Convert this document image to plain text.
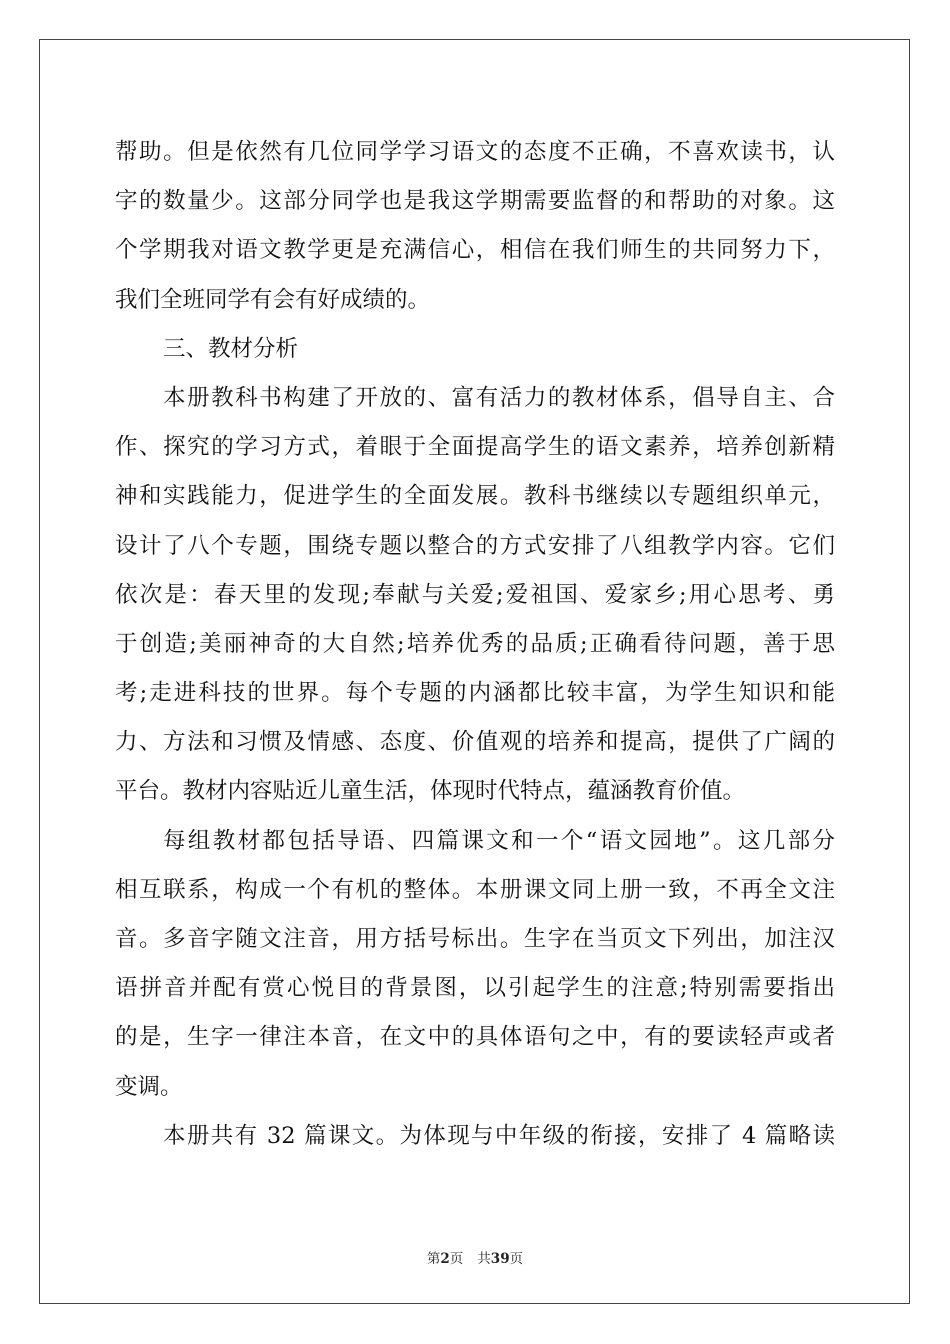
帮助。但是依然有几位同学学习语文的态度不正确，不喜欢读书，认
字的数量少。这部分同学也是我这学期需要监督的和帮助的对象。这
个学期我对语文教学更是充满信心，相信在我们师生的共同努力下，
我们全班同学有会有好成绩的。
三、教材分析
本册教科书构建了开放的、富有活力的教材体系，倡导自主、合
作、探究的学习方式，着眼于全面提高学生的语文素养，培养创新精
神和实践能力，促进学生的全面发展。教科书继续以专题组织单元，
设计了八个专题，围绕专题以整合的方式安排了八组教学内容。它们
依次是：春天里的发现;奉献与关爱;爱祖国、爱家乡;用心思考、勇
于创造;美丽神奇的大自然;培养优秀的品质;正确看待问题，善于思
考;走进科技的世界。每个专题的内涵都比较丰富，为学生知识和能
力、方法和习惯及情感、态度、价值观的培养和提高，提供了广阔的
平台。教材内容贴近儿童生活，体现时代特点，蕴涵教育价值。
每组教材都包括导语、四篇课文和一个“语文园地”。这几部分
相互联系，构成一个有机的整体。本册课文同上册一致，不再全文注
音。多音字随文注音，用方括号标出。生字在当页文下列出，加注汉
语拼音并配有赏心悦目的背景图，以引起学生的注意;特别需要指出
的是，生字一律注本音，在文中的具体语句之中，有的要读轻声或者
变调。
本册共有 32 篇课文。为体现与中年级的衔接，安排了 4 篇略读
第2页 共39页
